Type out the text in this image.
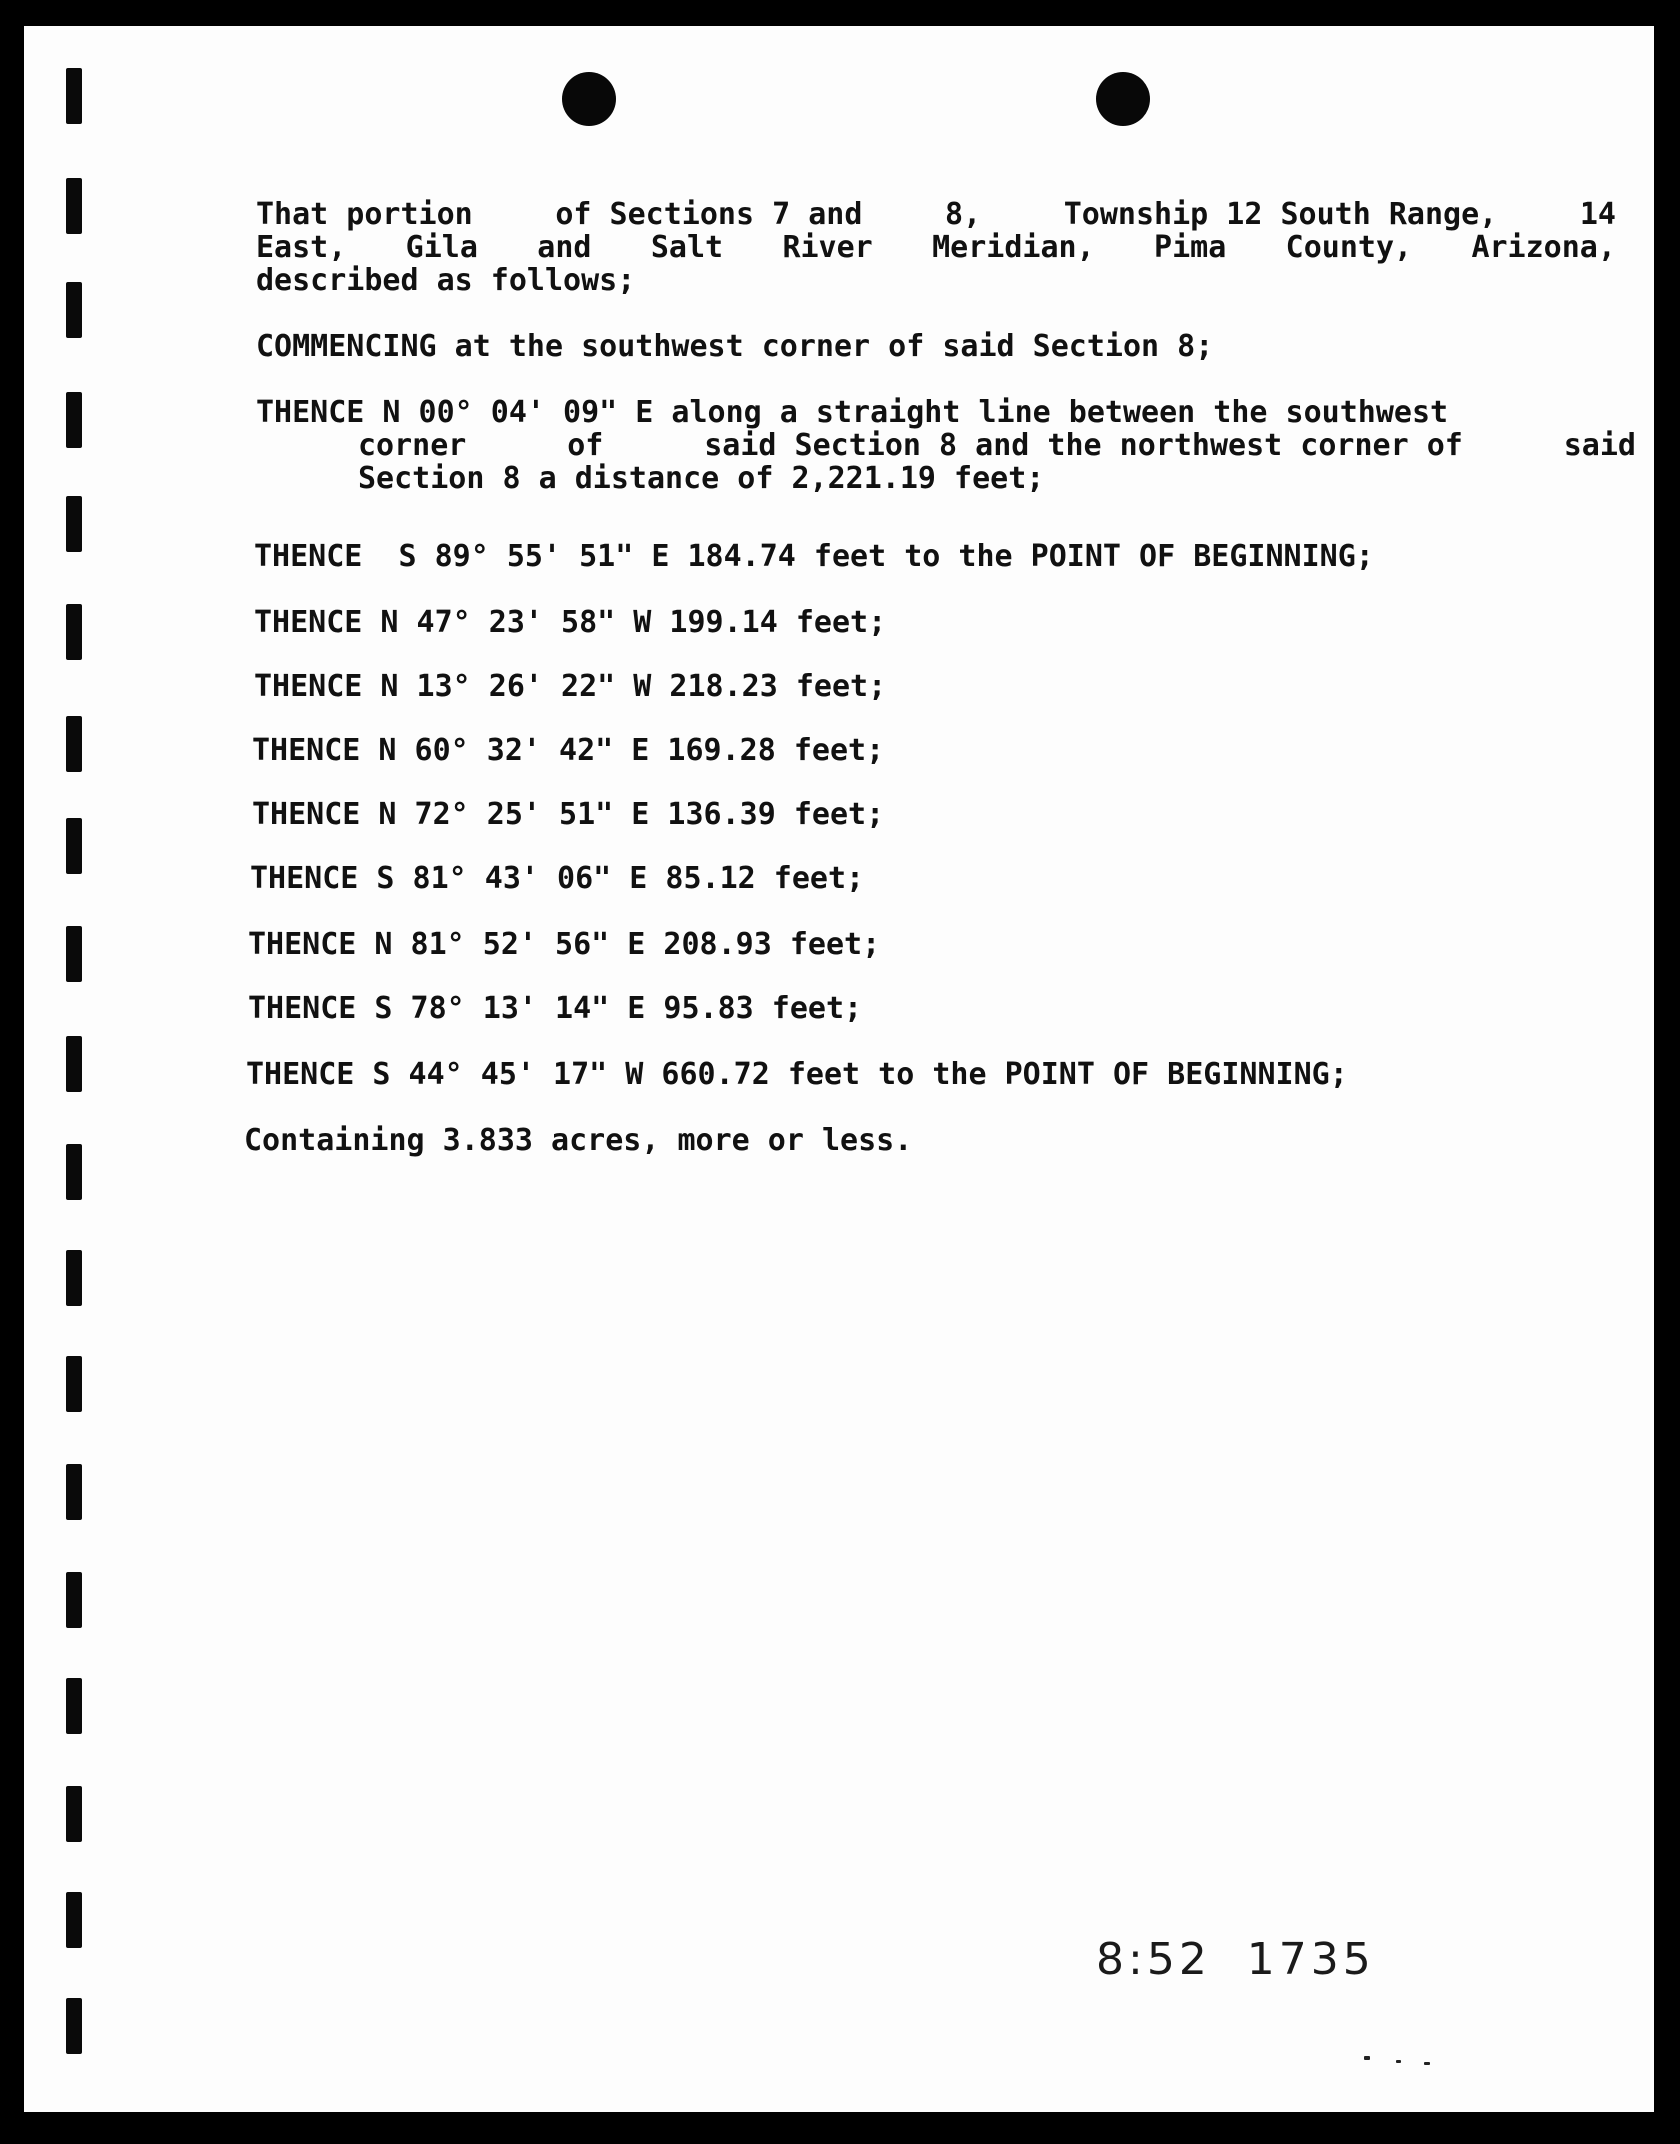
That portion	of Sections 7 and	8,	Township 12 South Range,	14
East, Gila and Salt River Meridian, Pima County, Arizona,
described as follows;
COMMENCING at the southwest corner of said Section 8;
THENCE N 00° 04' 09" E along a straight line between the southwest
corner	of	said Section 8 and the northwest corner of	said
Section 8 a distance of 2,221.19 feet;
THENCE  S 89° 55' 51" E 184.74 feet to the POINT OF BEGINNING;
THENCE N 47° 23' 58" W 199.14 feet;
THENCE N 13° 26' 22" W 218.23 feet;
THENCE N 60° 32' 42" E 169.28 feet;
THENCE N 72° 25' 51" E 136.39 feet;
THENCE S 81° 43' 06" E 85.12 feet;
THENCE N 81° 52' 56" E 208.93 feet;
THENCE S 78° 13' 14" E 95.83 feet;
THENCE S 44° 45' 17" W 660.72 feet to the POINT OF BEGINNING;
Containing 3.833 acres, more or less.
8:52 1735
